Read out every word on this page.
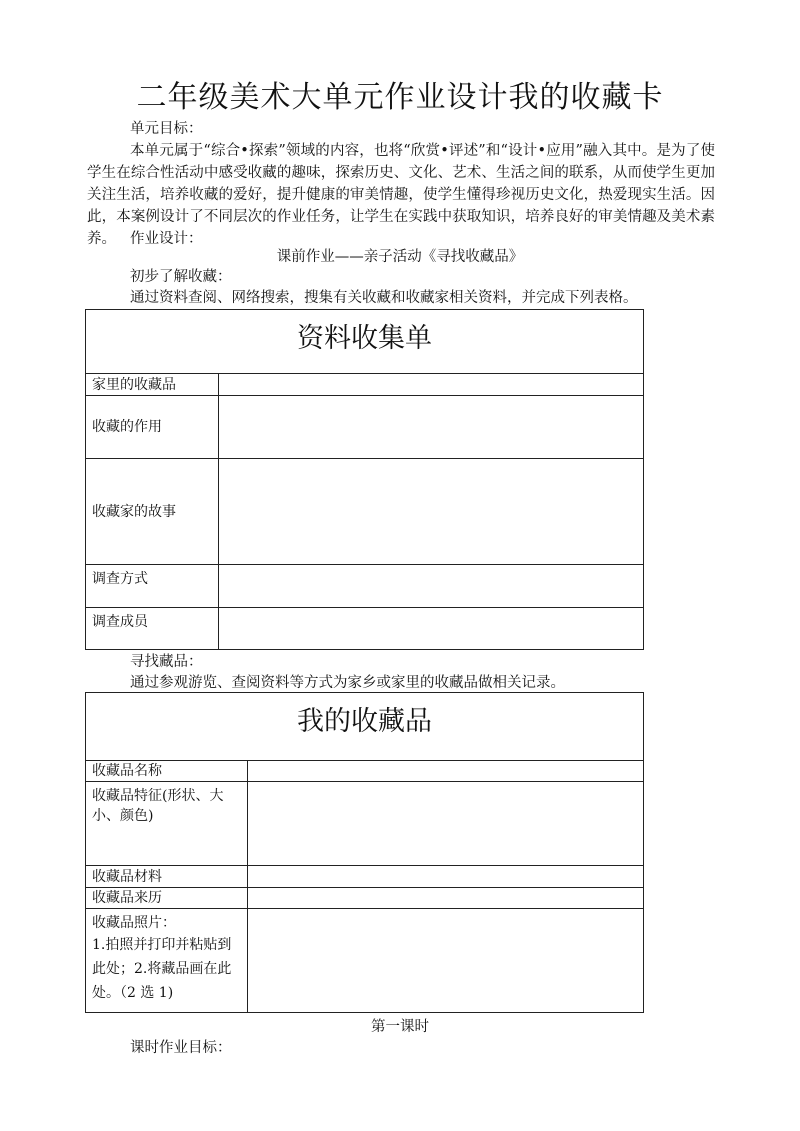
二年级美术大单元作业设计我的收藏卡
单元目标：

本单元属于“综合•探索”领域的内容，也将“欣赏•评述”和“设计•应用”融入其中。是为了使学生在综合性活动中感受收藏的趣味，探索历史、文化、艺术、生活之间的联系，从而使学生更加关注生活，培养收藏的爱好，提升健康的审美情趣，使学生懂得珍视历史文化，热爱现实生活。因此，本案例设计了不同层次的作业任务，让学生在实践中获取知识，培养良好的审美情趣及美术素养。 作业设计：
课前作业——亲子活动《寻找收藏品》
初步了解收藏：
通过资料查阅、网络搜索，搜集有关收藏和收藏家相关资料，并完成下列表格。
资料收集单	
家里的收藏品	
收藏的作用	
收藏家的故事	
调查方式	
调查成员	
寻找藏品：
通过参观游览、查阅资料等方式为家乡或家里的收藏品做相关记录。
我的收藏品	
收藏品名称	
收藏品特征(形状、大小、颜色)	
收藏品材料	
收藏品来历	

收藏品照片：
1.拍照并打印并粘贴到此处；2.将藏品画在此处。（2 选 1)	

第一课时
课时作业目标：
